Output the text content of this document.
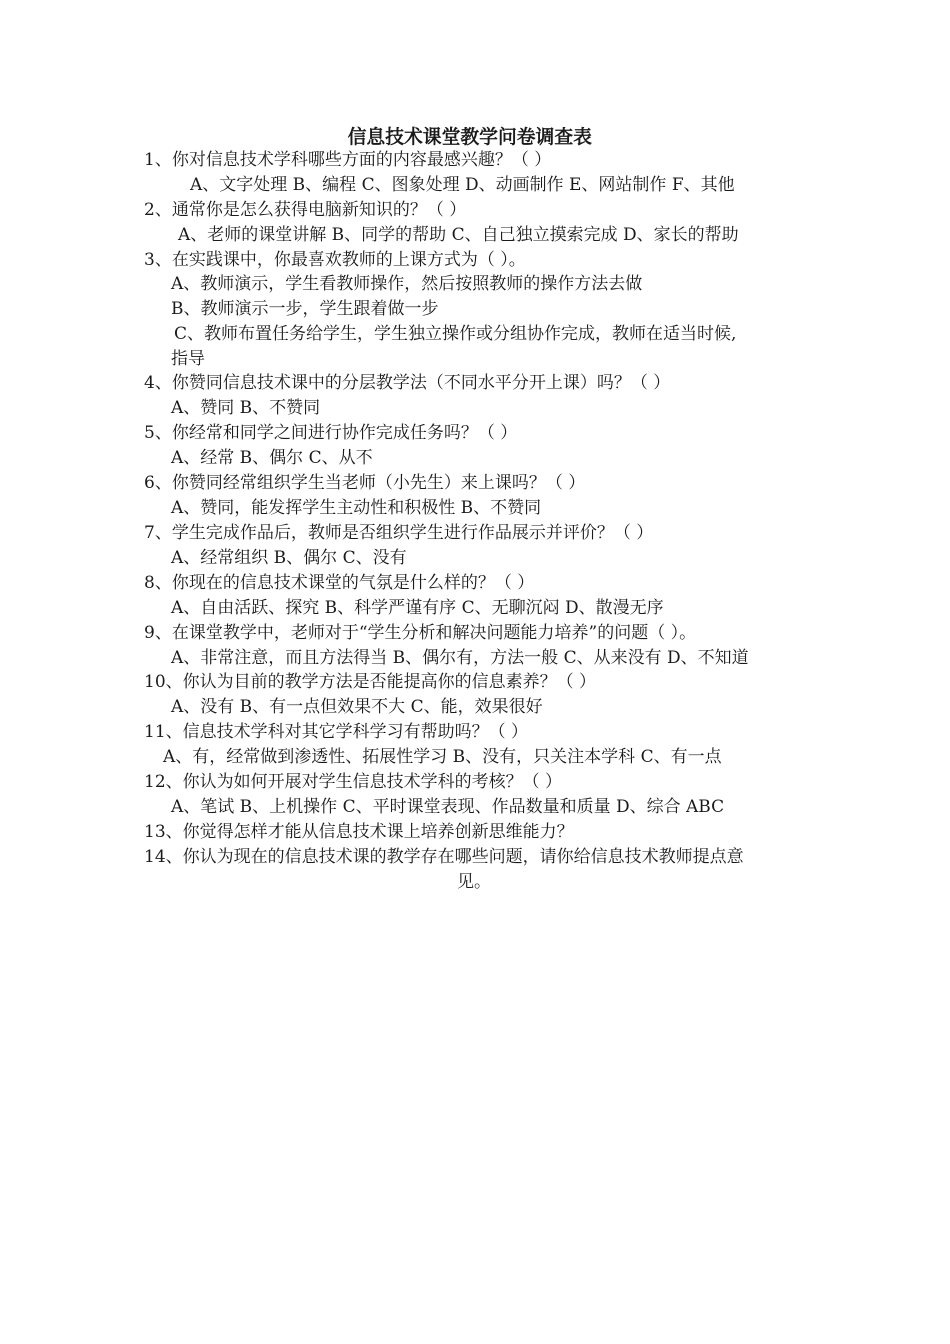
信息技术课堂教学问卷调查表
1、你对信息技术学科哪些方面的内容最感兴趣？（ ）
A、文字处理 B、编程 C、图象处理 D、动画制作 E、网站制作 F、其他
2、通常你是怎么获得电脑新知识的？（ ）
A、老师的课堂讲解 B、同学的帮助 C、自己独立摸索完成 D、家长的帮助
3、在实践课中，你最喜欢教师的上课方式为（ ）。
A、教师演示，学生看教师操作，然后按照教师的操作方法去做
B、教师演示一步，学生跟着做一步
C、教师布置任务给学生，学生独立操作或分组协作完成，教师在适当时候,
指导
4、你赞同信息技术课中的分层教学法（不同水平分开上课）吗？（ ）
A、赞同 B、不赞同
5、你经常和同学之间进行协作完成任务吗？（ ）
A、经常 B、偶尔 C、从不
6、你赞同经常组织学生当老师（小先生）来上课吗？（ ）
A、赞同，能发挥学生主动性和积极性 B、不赞同
7、学生完成作品后，教师是否组织学生进行作品展示并评价？（ ）
A、经常组织 B、偶尔 C、没有
8、你现在的信息技术课堂的气氛是什么样的？（ ）
A、自由活跃、探究 B、科学严谨有序 C、无聊沉闷 D、散漫无序
9、在课堂教学中，老师对于“学生分析和解决问题能力培养”的问题（ ）。
A、非常注意，而且方法得当 B、偶尔有，方法一般 C、从来没有 D、不知道
10、你认为目前的教学方法是否能提高你的信息素养？（ ）
A、没有 B、有一点但效果不大 C、能，效果很好
11、信息技术学科对其它学科学习有帮助吗？（ ）
A、有，经常做到渗透性、拓展性学习 B、没有，只关注本学科 C、有一点
12、你认为如何开展对学生信息技术学科的考核？（ ）
A、笔试 B、上机操作 C、平时课堂表现、作品数量和质量 D、综合 ABC
13、你觉得怎样才能从信息技术课上培养创新思维能力？
14、你认为现在的信息技术课的教学存在哪些问题，请你给信息技术教师提点意
见。
